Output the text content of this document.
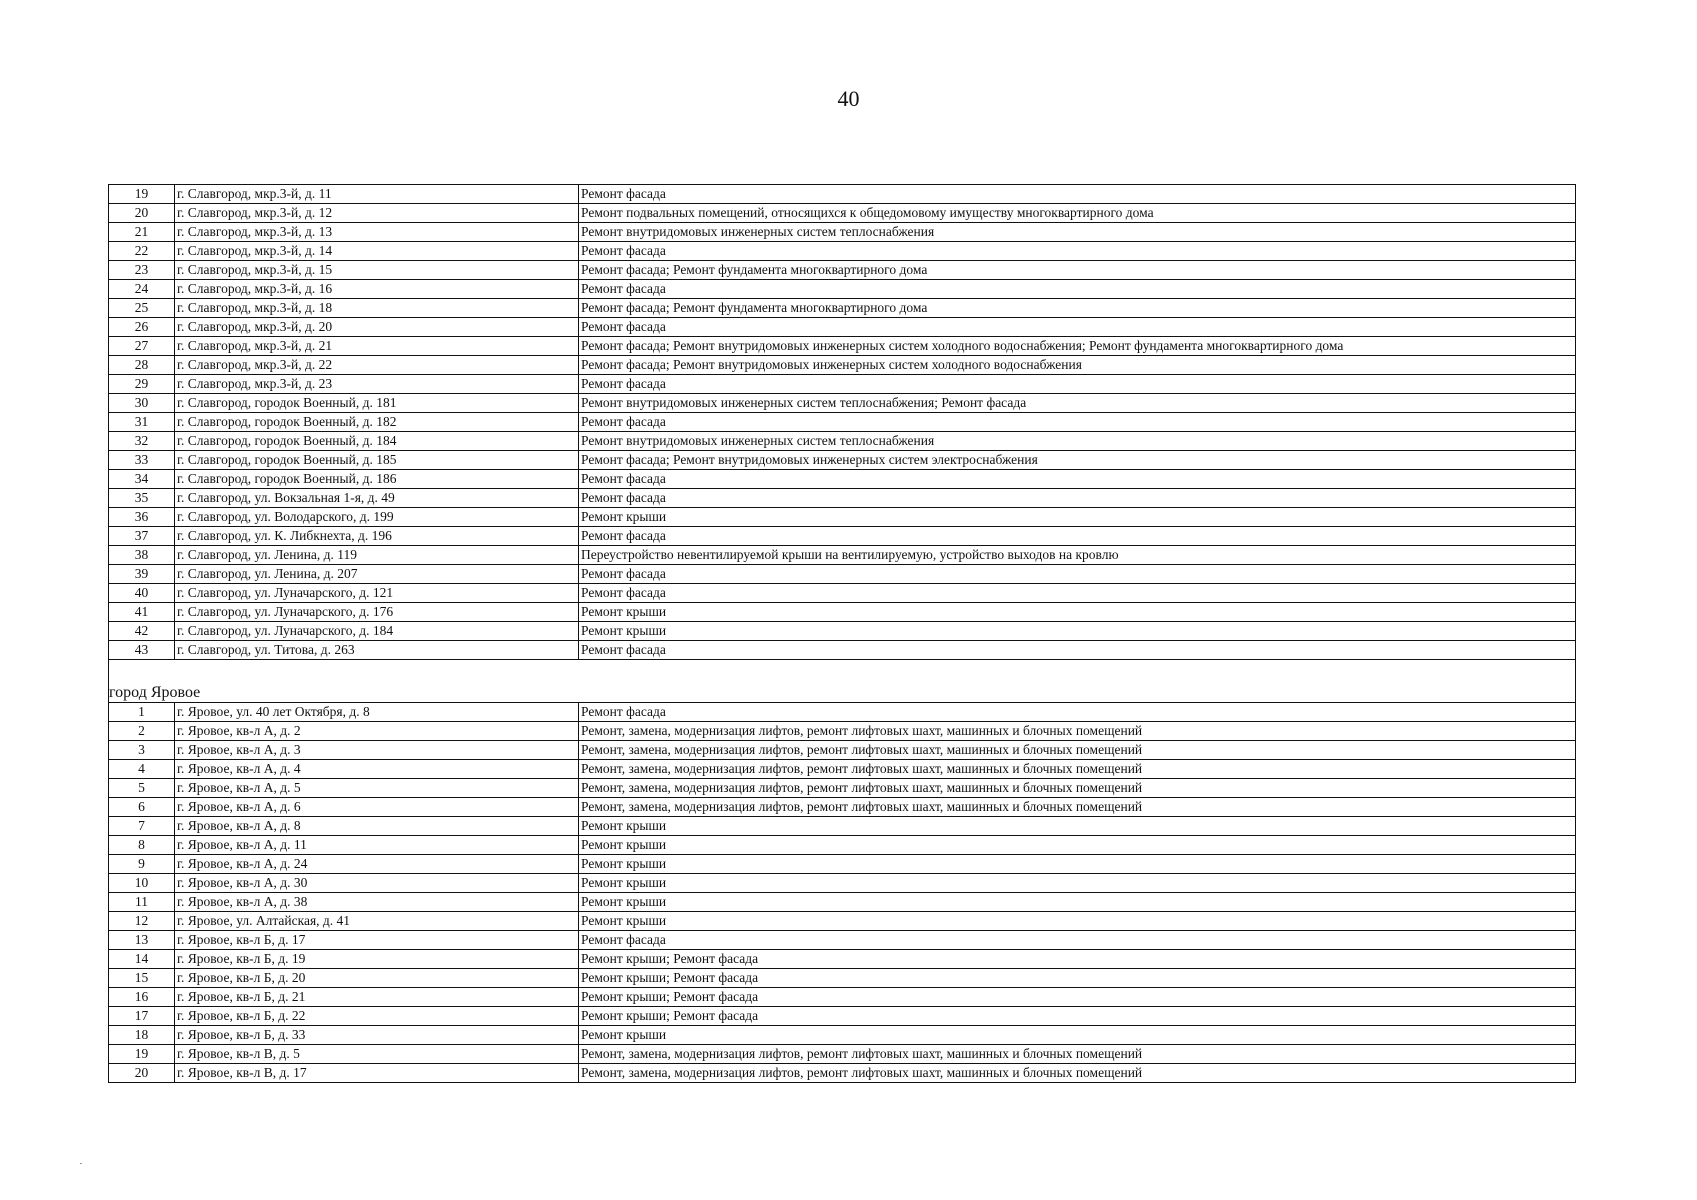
40
19	г. Славгород, мкр.3-й, д. 11	Ремонт фасада
20	г. Славгород, мкр.3-й, д. 12	Ремонт подвальных помещений, относящихся к общедомовому имуществу многоквартирного дома
21	г. Славгород, мкр.3-й, д. 13	Ремонт внутридомовых инженерных систем теплоснабжения
22	г. Славгород, мкр.3-й, д. 14	Ремонт фасада
23	г. Славгород, мкр.3-й, д. 15	Ремонт фасада; Ремонт фундамента многоквартирного дома
24	г. Славгород, мкр.3-й, д. 16	Ремонт фасада
25	г. Славгород, мкр.3-й, д. 18	Ремонт фасада; Ремонт фундамента многоквартирного дома
26	г. Славгород, мкр.3-й, д. 20	Ремонт фасада
27	г. Славгород, мкр.3-й, д. 21	Ремонт фасада; Ремонт внутридомовых инженерных систем холодного водоснабжения; Ремонт фундамента многоквартирного дома
28	г. Славгород, мкр.3-й, д. 22	Ремонт фасада; Ремонт внутридомовых инженерных систем холодного водоснабжения
29	г. Славгород, мкр.3-й, д. 23	Ремонт фасада
30	г. Славгород, городок Военный, д. 181	Ремонт внутридомовых инженерных систем теплоснабжения; Ремонт фасада
31	г. Славгород, городок Военный, д. 182	Ремонт фасада
32	г. Славгород, городок Военный, д. 184	Ремонт внутридомовых инженерных систем теплоснабжения
33	г. Славгород, городок Военный, д. 185	Ремонт фасада; Ремонт внутридомовых инженерных систем электроснабжения
34	г. Славгород, городок Военный, д. 186	Ремонт фасада
35	г. Славгород, ул. Вокзальная 1-я, д. 49	Ремонт фасада
36	г. Славгород, ул. Володарского, д. 199	Ремонт крыши
37	г. Славгород, ул. К. Либкнехта, д. 196	Ремонт фасада
38	г. Славгород, ул. Ленина, д. 119	Переустройство невентилируемой крыши на вентилируемую, устройство выходов на кровлю
39	г. Славгород, ул. Ленина, д. 207	Ремонт фасада
40	г. Славгород, ул. Луначарского, д. 121	Ремонт фасада
41	г. Славгород, ул. Луначарского, д. 176	Ремонт крыши
42	г. Славгород, ул. Луначарского, д. 184	Ремонт крыши
43	г. Славгород, ул. Титова, д. 263	Ремонт фасада
город Яровое		
1	г. Яровое, ул. 40 лет Октября, д. 8	Ремонт фасада
2	г. Яровое, кв-л А, д. 2	Ремонт, замена, модернизация лифтов, ремонт лифтовых шахт, машинных и блочных помещений
3	г. Яровое, кв-л А, д. 3	Ремонт, замена, модернизация лифтов, ремонт лифтовых шахт, машинных и блочных помещений
4	г. Яровое, кв-л А, д. 4	Ремонт, замена, модернизация лифтов, ремонт лифтовых шахт, машинных и блочных помещений
5	г. Яровое, кв-л А, д. 5	Ремонт, замена, модернизация лифтов, ремонт лифтовых шахт, машинных и блочных помещений
6	г. Яровое, кв-л А, д. 6	Ремонт, замена, модернизация лифтов, ремонт лифтовых шахт, машинных и блочных помещений
7	г. Яровое, кв-л А, д. 8	Ремонт крыши
8	г. Яровое, кв-л А, д. 11	Ремонт крыши
9	г. Яровое, кв-л А, д. 24	Ремонт крыши
10	г. Яровое, кв-л А, д. 30	Ремонт крыши
11	г. Яровое, кв-л А, д. 38	Ремонт крыши
12	г. Яровое, ул. Алтайская, д. 41	Ремонт крыши
13	г. Яровое, кв-л Б, д. 17	Ремонт фасада
14	г. Яровое, кв-л Б, д. 19	Ремонт крыши; Ремонт фасада
15	г. Яровое, кв-л Б, д. 20	Ремонт крыши; Ремонт фасада
16	г. Яровое, кв-л Б, д. 21	Ремонт крыши; Ремонт фасада
17	г. Яровое, кв-л Б, д. 22	Ремонт крыши; Ремонт фасада
18	г. Яровое, кв-л Б, д. 33	Ремонт крыши
19	г. Яровое, кв-л В, д. 5	Ремонт, замена, модернизация лифтов, ремонт лифтовых шахт, машинных и блочных помещений
20	г. Яровое, кв-л В, д. 17	Ремонт, замена, модернизация лифтов, ремонт лифтовых шахт, машинных и блочных помещений
